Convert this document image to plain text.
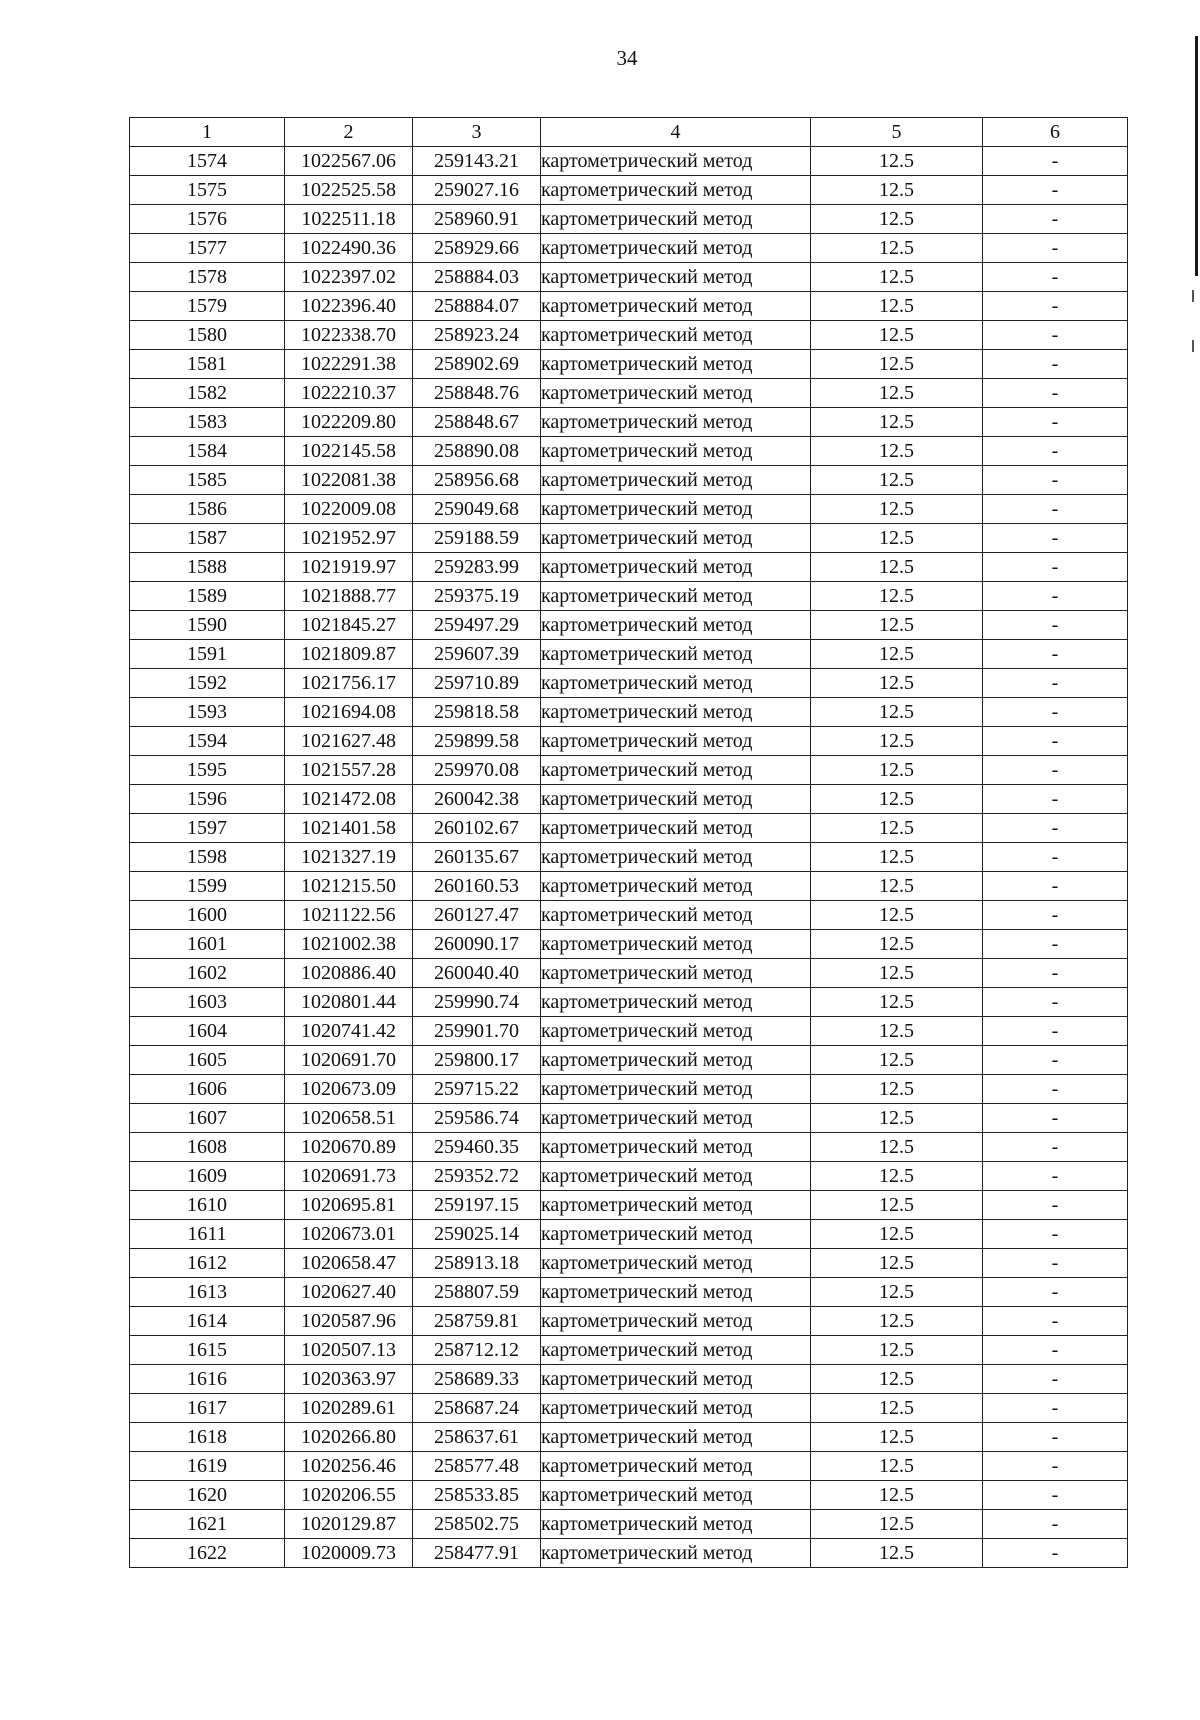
34
1	2	3	4	5	6
1574	1022567.06	259143.21	картометрический метод	12.5	-
1575	1022525.58	259027.16	картометрический метод	12.5	-
1576	1022511.18	258960.91	картометрический метод	12.5	-
1577	1022490.36	258929.66	картометрический метод	12.5	-
1578	1022397.02	258884.03	картометрический метод	12.5	-
1579	1022396.40	258884.07	картометрический метод	12.5	-
1580	1022338.70	258923.24	картометрический метод	12.5	-
1581	1022291.38	258902.69	картометрический метод	12.5	-
1582	1022210.37	258848.76	картометрический метод	12.5	-
1583	1022209.80	258848.67	картометрический метод	12.5	-
1584	1022145.58	258890.08	картометрический метод	12.5	-
1585	1022081.38	258956.68	картометрический метод	12.5	-
1586	1022009.08	259049.68	картометрический метод	12.5	-
1587	1021952.97	259188.59	картометрический метод	12.5	-
1588	1021919.97	259283.99	картометрический метод	12.5	-
1589	1021888.77	259375.19	картометрический метод	12.5	-
1590	1021845.27	259497.29	картометрический метод	12.5	-
1591	1021809.87	259607.39	картометрический метод	12.5	-
1592	1021756.17	259710.89	картометрический метод	12.5	-
1593	1021694.08	259818.58	картометрический метод	12.5	-
1594	1021627.48	259899.58	картометрический метод	12.5	-
1595	1021557.28	259970.08	картометрический метод	12.5	-
1596	1021472.08	260042.38	картометрический метод	12.5	-
1597	1021401.58	260102.67	картометрический метод	12.5	-
1598	1021327.19	260135.67	картометрический метод	12.5	-
1599	1021215.50	260160.53	картометрический метод	12.5	-
1600	1021122.56	260127.47	картометрический метод	12.5	-
1601	1021002.38	260090.17	картометрический метод	12.5	-
1602	1020886.40	260040.40	картометрический метод	12.5	-
1603	1020801.44	259990.74	картометрический метод	12.5	-
1604	1020741.42	259901.70	картометрический метод	12.5	-
1605	1020691.70	259800.17	картометрический метод	12.5	-
1606	1020673.09	259715.22	картометрический метод	12.5	-
1607	1020658.51	259586.74	картометрический метод	12.5	-
1608	1020670.89	259460.35	картометрический метод	12.5	-
1609	1020691.73	259352.72	картометрический метод	12.5	-
1610	1020695.81	259197.15	картометрический метод	12.5	-
1611	1020673.01	259025.14	картометрический метод	12.5	-
1612	1020658.47	258913.18	картометрический метод	12.5	-
1613	1020627.40	258807.59	картометрический метод	12.5	-
1614	1020587.96	258759.81	картометрический метод	12.5	-
1615	1020507.13	258712.12	картометрический метод	12.5	-
1616	1020363.97	258689.33	картометрический метод	12.5	-
1617	1020289.61	258687.24	картометрический метод	12.5	-
1618	1020266.80	258637.61	картометрический метод	12.5	-
1619	1020256.46	258577.48	картометрический метод	12.5	-
1620	1020206.55	258533.85	картометрический метод	12.5	-
1621	1020129.87	258502.75	картометрический метод	12.5	-
1622	1020009.73	258477.91	картометрический метод	12.5	-
